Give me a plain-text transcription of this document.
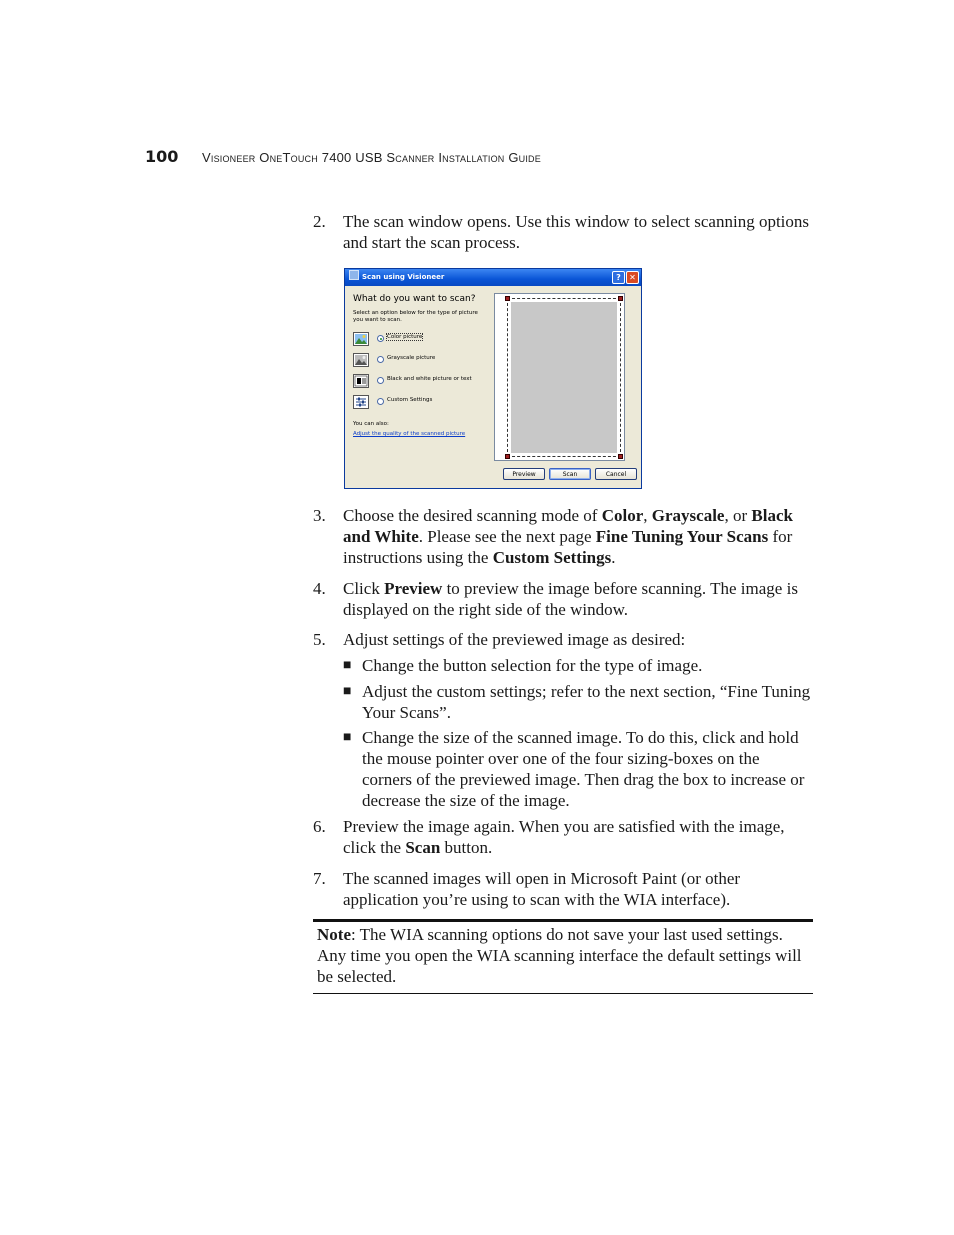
100 Visioneer OneTouch 7400 USB Scanner Installation Guide
2. The scan window opens. Use this window to select scanning options and start the scan process.
Scan using Visioneer	?	✕
What do you want to scan?
Select an option below for the type of picture you want to scan.
Color picture
Grayscale picture
Black and white picture or text
Custom Settings
You can also:
Adjust the quality of the scanned picture
Preview	Scan	Cancel
3. Choose the desired scanning mode of Color, Grayscale, or Black and White. Please see the next page Fine Tuning Your Scans for instructions using the Custom Settings.
4. Click Preview to preview the image before scanning. The image is displayed on the right side of the window.
5. Adjust settings of the previewed image as desired:
■ Change the button selection for the type of image.
■ Adjust the custom settings; refer to the next section, “Fine Tuning Your Scans”.
■ Change the size of the scanned image. To do this, click and hold the mouse pointer over one of the four sizing-boxes on the corners of the previewed image. Then drag the box to increase or decrease the size of the image.
6. Preview the image again. When you are satisfied with the image, click the Scan button.
7. The scanned images will open in Microsoft Paint (or other application you’re using to scan with the WIA interface).
Note: The WIA scanning options do not save your last used settings. Any time you open the WIA scanning interface the default settings will be selected.
